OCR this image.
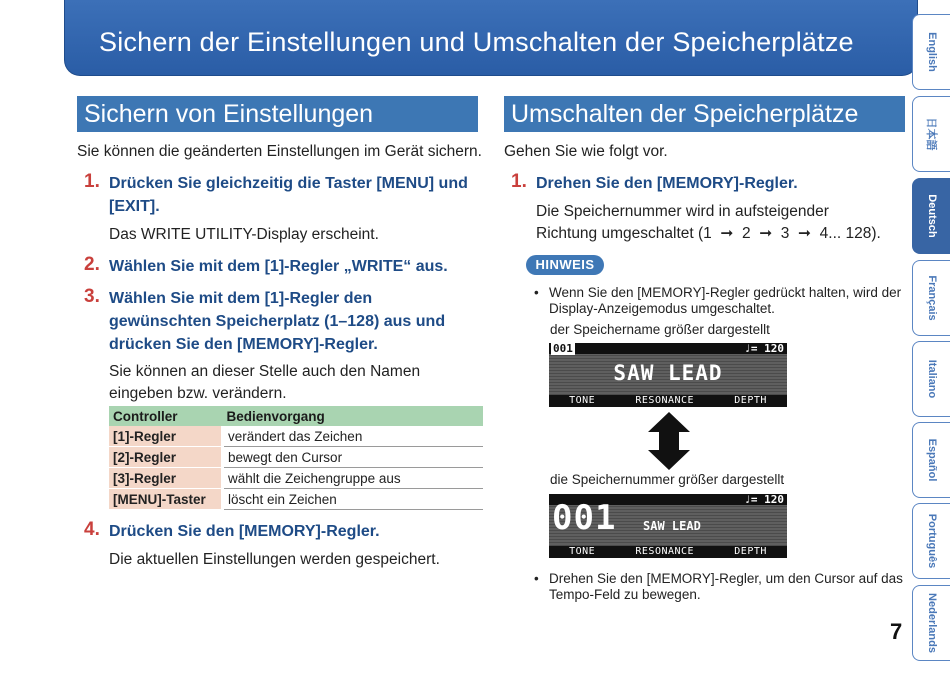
Sichern der Einstellungen und Umschalten der Speicherplätze
Sichern von Einstellungen
Sie können die geänderten Einstellungen im Gerät sichern.
1. Drücken Sie gleichzeitig die Taster [MENU] und
[EXIT].
Das WRITE UTILITY-Display erscheint.
2. Wählen Sie mit dem [1]-Regler „WRITE“ aus.
3. Wählen Sie mit dem [1]-Regler den
gewünschten Speicherplatz (1–128) aus und
drücken Sie den [MEMORY]-Regler.
Sie können an dieser Stelle auch den Namen
eingeben bzw. verändern.
Controller	Bedienvorgang
[1]-Regler	verändert das Zeichen
[2]-Regler	bewegt den Cursor
[3]-Regler	wählt die Zeichengruppe aus
[MENU]-Taster	löscht ein Zeichen
4. Drücken Sie den [MEMORY]-Regler.
Die aktuellen Einstellungen werden gespeichert.
Umschalten der Speicherplätze
Gehen Sie wie folgt vor.
1. Drehen Sie den [MEMORY]-Regler.
Die Speichernummer wird in aufsteigender
Richtung umgeschaltet (1  ➞  2  ➞  3  ➞  4... 128).
HINWEIS
• Wenn Sie den [MEMORY]-Regler gedrückt halten, wird der
Display-Anzeigemodus umgeschaltet.
der Speichername größer dargestellt
001	♩= 120
SAW LEAD
TONE	RESONANCE	DEPTH
die Speichernummer größer dargestellt
001	♩= 120
SAW LEAD
TONE	RESONANCE	DEPTH
• Drehen Sie den [MEMORY]-Regler, um den Cursor auf das
Tempo-Feld zu bewegen.
English
日本語
Deutsch
Français
Italiano
Español
Português
Nederlands
7
